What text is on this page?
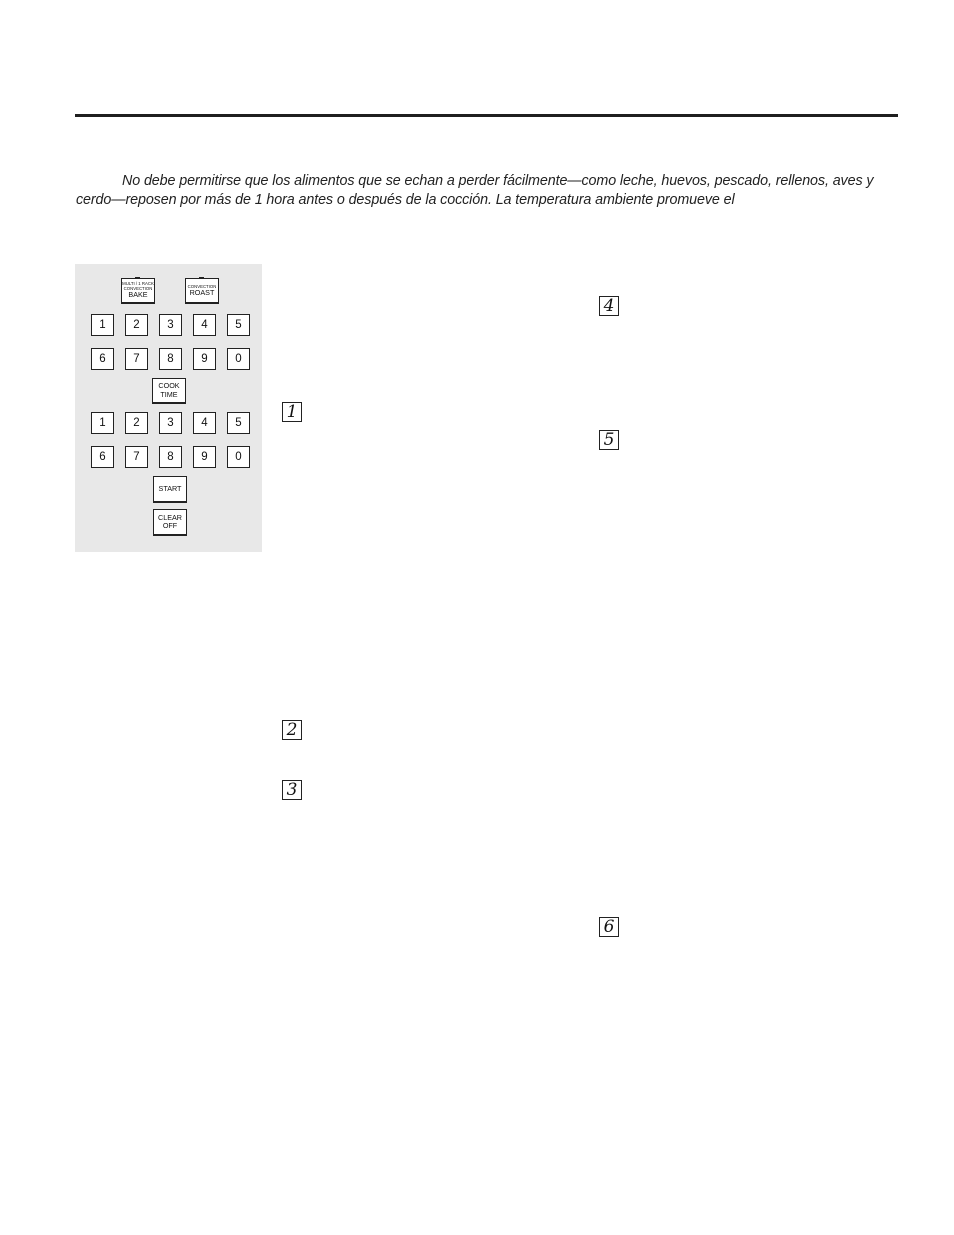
No debe permitirse que los alimentos que se echan a perder fácilmente—como leche, huevos, pescado, rellenos, aves y cerdo—reposen por más de 1 hora antes o después de la cocción. La temperatura ambiente promueve el

MULTI / 1 RACK
CONVECTION
BAKE
CONVECTION
ROAST
1	2	3	4	5
6	7	8	9	0
COOK
TIME
1	2	3	4	5
6	7	8	9	0
START
CLEAR
OFF
1
2
3
4
5
6
